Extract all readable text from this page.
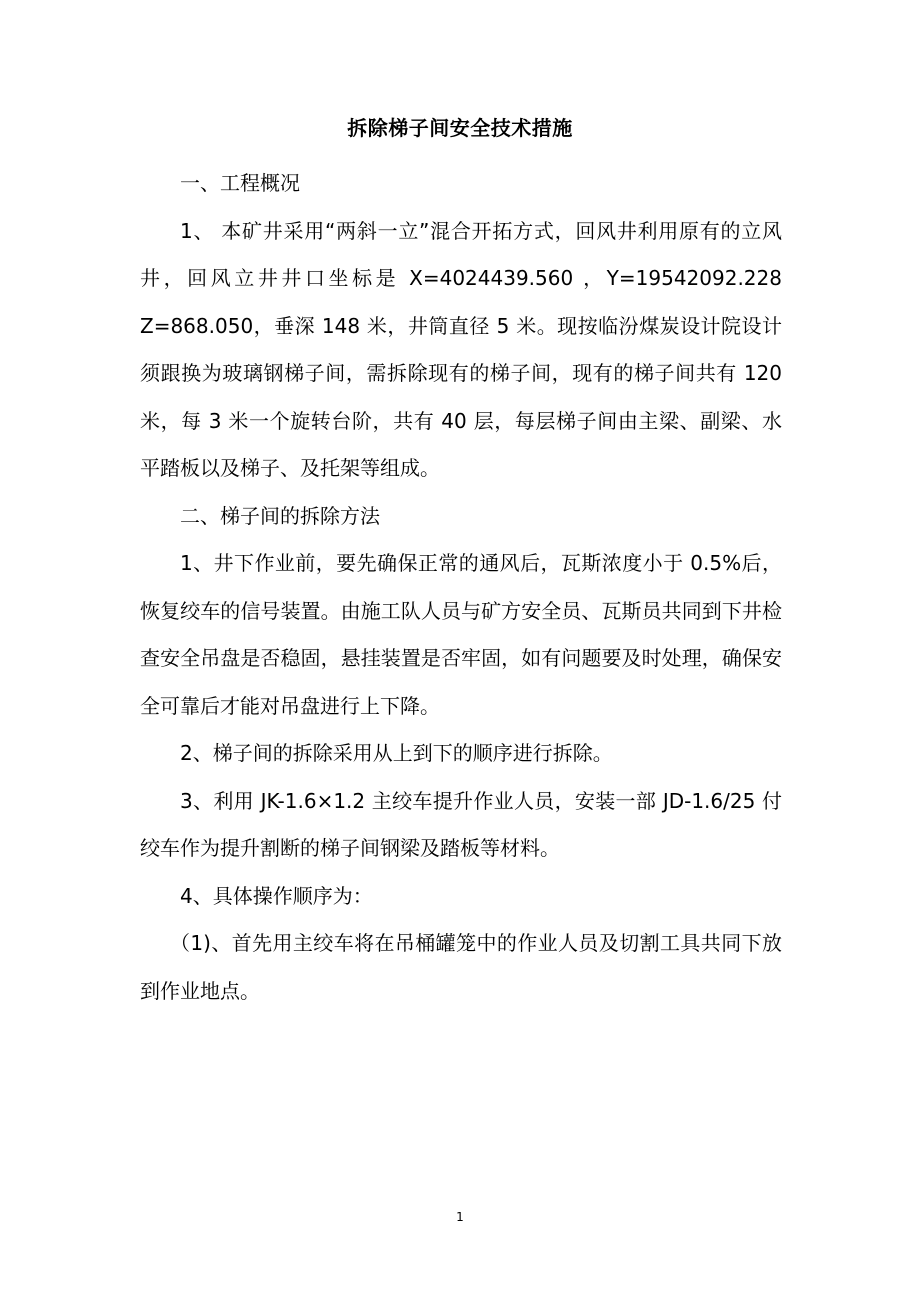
拆除梯子间安全技术措施

一、工程概况

1、 本矿井采用“两斜一立”混合开拓方式，回风井利用原有的立风井，回风立井井口坐标是 X=4024439.560 ，Y=19542092.228 Z=868.050，垂深 148 米，井筒直径 5 米。现按临汾煤炭设计院设计须跟换为玻璃钢梯子间，需拆除现有的梯子间，现有的梯子间共有 120 米，每 3 米一个旋转台阶，共有 40 层，每层梯子间由主梁、副梁、水平踏板以及梯子、及托架等组成。

二、梯子间的拆除方法

1、井下作业前，要先确保正常的通风后，瓦斯浓度小于 0.5%后，恢复绞车的信号装置。由施工队人员与矿方安全员、瓦斯员共同到下井检查安全吊盘是否稳固，悬挂装置是否牢固，如有问题要及时处理，确保安全可靠后才能对吊盘进行上下降。

2、梯子间的拆除采用从上到下的顺序进行拆除。

3、利用 JK-1.6×1.2 主绞车提升作业人员，安装一部 JD-1.6/25 付绞车作为提升割断的梯子间钢梁及踏板等材料。

4、具体操作顺序为：

（1)、首先用主绞车将在吊桶罐笼中的作业人员及切割工具共同下放到作业地点。

1
